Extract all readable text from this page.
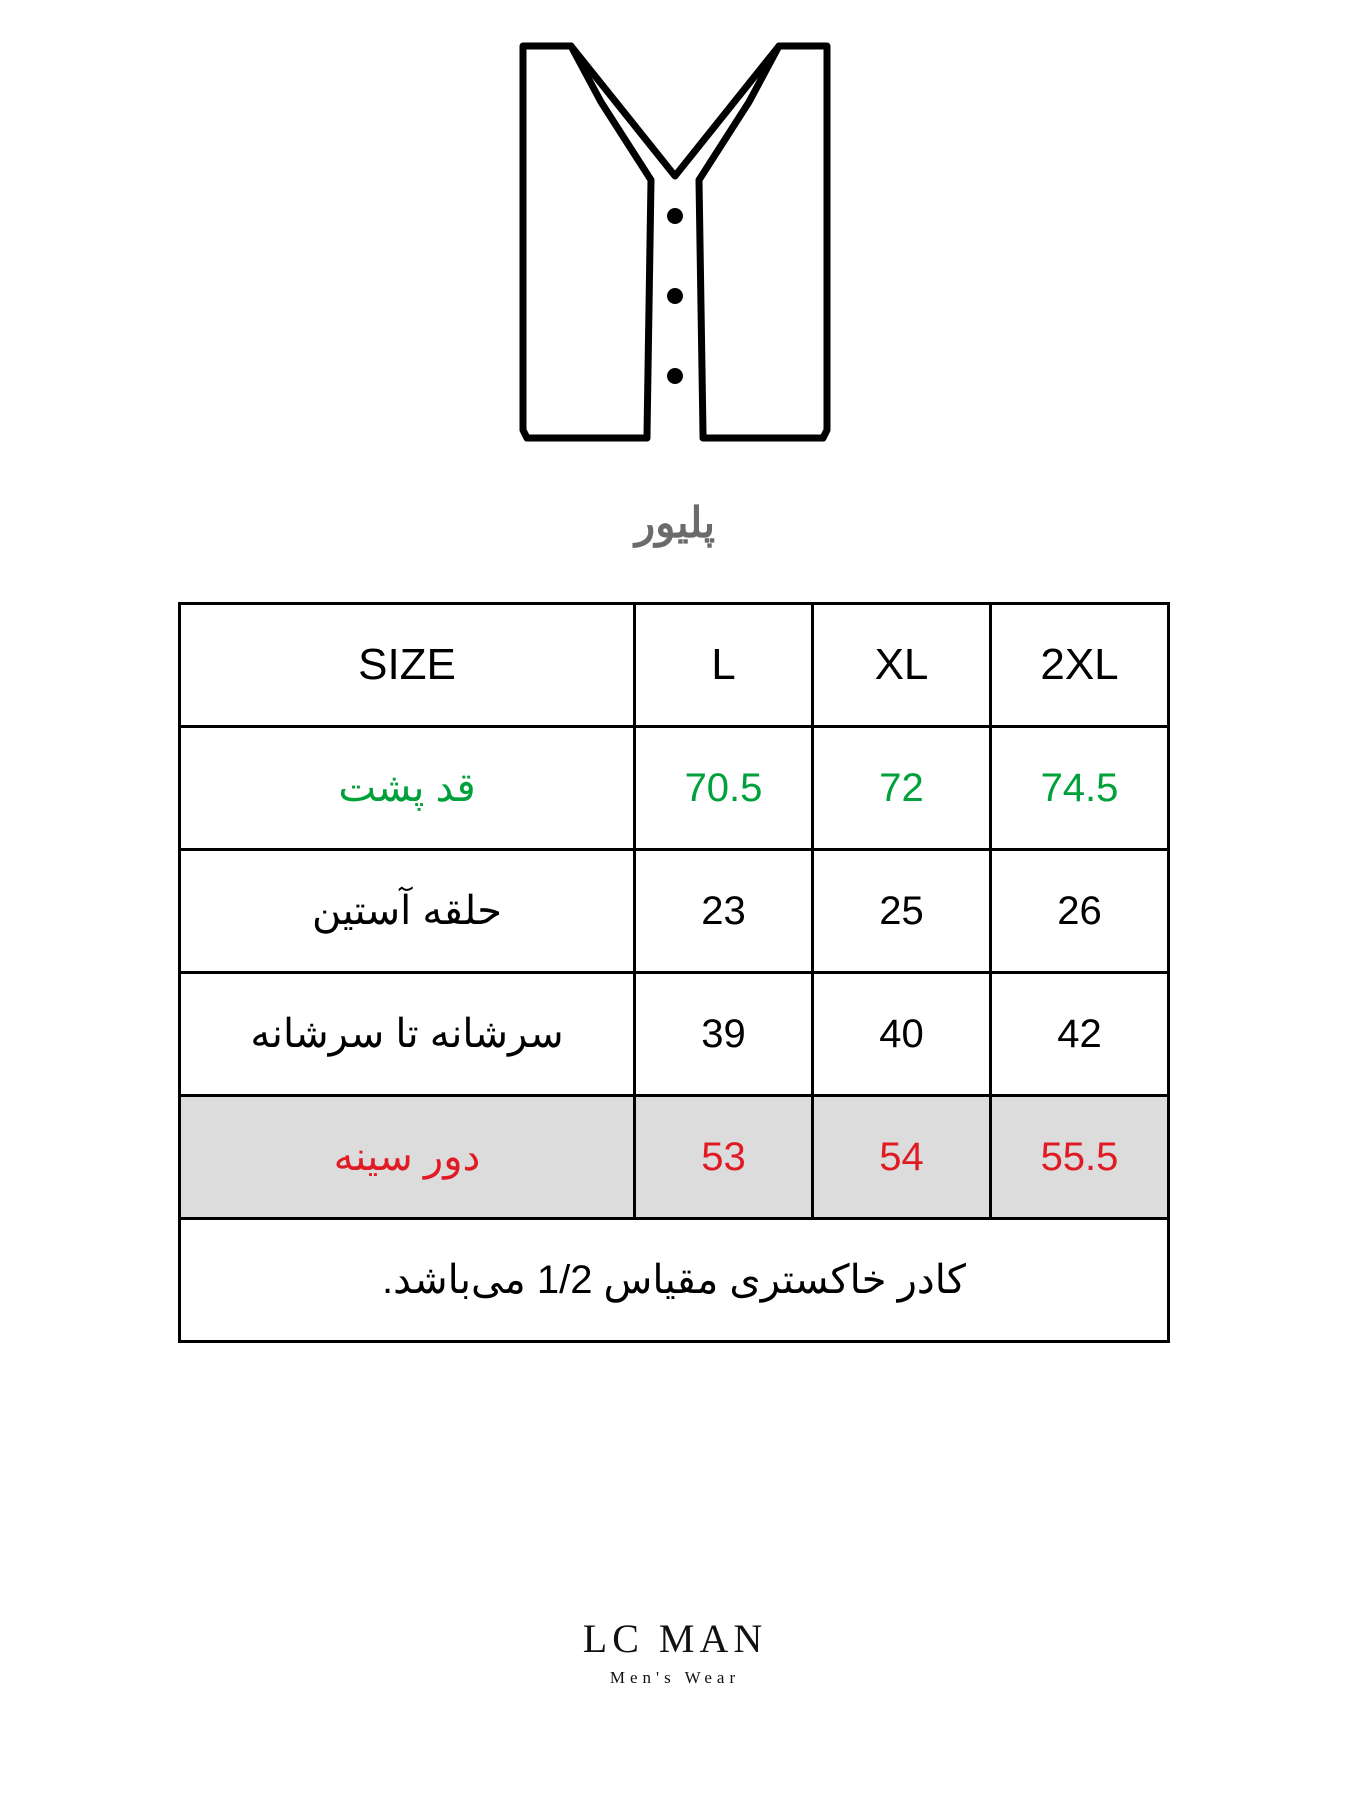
پلیور
2XL	XL	L	SIZE
74.5	72	70.5	قد پشت
26	25	23	حلقه آستین
42	40	39	سرشانه تا سرشانه
55.5	54	53	دور سینه
کادر خاکستری مقیاس 1/2 می‌باشد.			
LC MAN
Men's Wear
